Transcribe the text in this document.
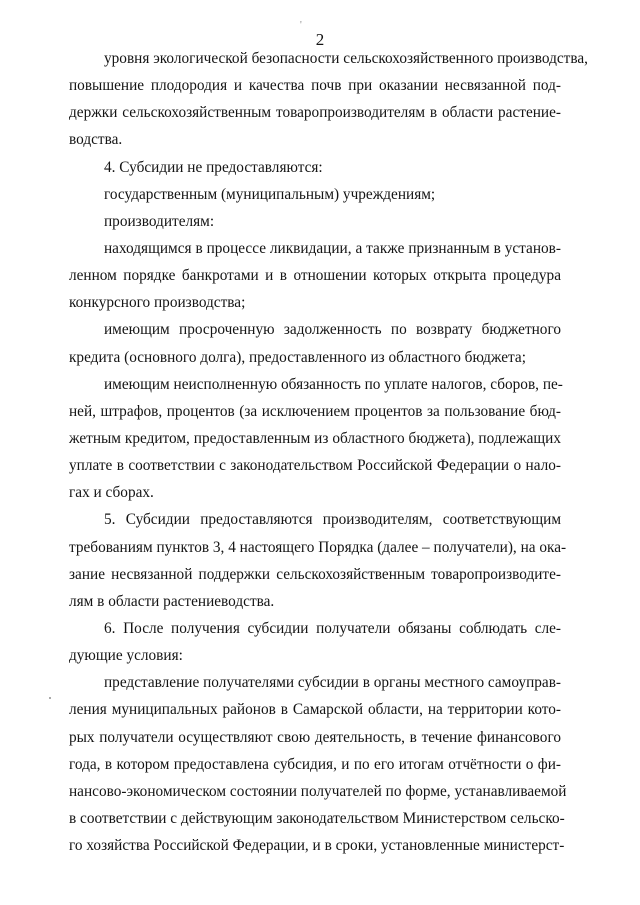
'
2
уровня экологической безопасности сельскохозяйственного производства,
повышение плодородия и качества почв при оказании несвязанной под-
держки сельскохозяйственным товаропроизводителям в области растение-
водства.
4. Субсидии не предоставляются:
государственным (муниципальным) учреждениям;
производителям:
находящимся в процессе ликвидации, а также признанным в установ-
ленном порядке банкротами и в отношении которых открыта процедура
конкурсного производства;
имеющим просроченную задолженность по возврату бюджетного
кредита (основного долга), предоставленного из областного бюджета;
имеющим неисполненную обязанность по уплате налогов, сборов, пе-
ней, штрафов, процентов (за исключением процентов за пользование бюд-
жетным кредитом, предоставленным из областного бюджета), подлежащих
уплате в соответствии с законодательством Российской Федерации о нало-
гах и сборах.
5. Субсидии предоставляются производителям, соответствующим
требованиям пунктов 3, 4 настоящего Порядка (далее – получатели), на ока-
зание несвязанной поддержки сельскохозяйственным товаропроизводите-
лям в области растениеводства.
6. После получения субсидии получатели обязаны соблюдать сле-
дующие условия:
представление получателями субсидии в органы местного самоуправ-
ления муниципальных районов в Самарской области, на территории кото-
рых получатели осуществляют свою деятельность, в течение финансового
года, в котором предоставлена субсидия, и по его итогам отчётности о фи-
нансово-экономическом состоянии получателей по форме, устанавливаемой
в соответствии с действующим законодательством Министерством сельско-
го хозяйства Российской Федерации, и в сроки, установленные министерст-
